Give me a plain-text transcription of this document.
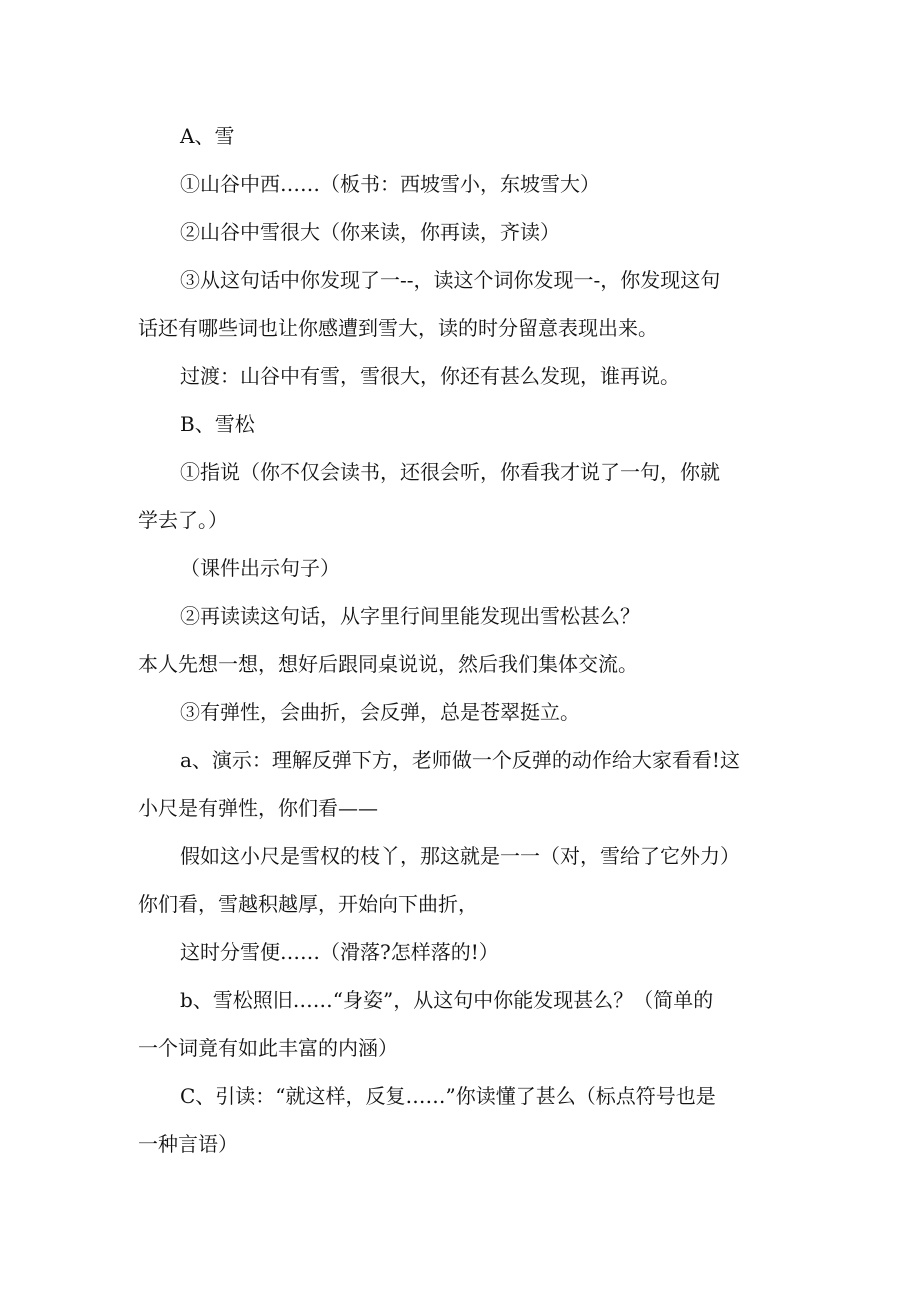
A、雪

①山谷中西……（板书：西坡雪小，东坡雪大）

②山谷中雪很大（你来读，你再读，齐读）

③从这句话中你发现了一--，读这个词你发现一-，你发现这句

话还有哪些词也让你感遭到雪大，读的时分留意表现出来。

过渡：山谷中有雪，雪很大，你还有甚么发现，谁再说。

B、雪松

①指说（你不仅会读书，还很会听，你看我才说了一句，你就

学去了。）

（课件出示句子）

②再读读这句话，从字里行间里能发现出雪松甚么？

本人先想一想，想好后跟同桌说说，然后我们集体交流。

③有弹性，会曲折，会反弹，总是苍翠挺立。

a、演示：理解反弹下方，老师做一个反弹的动作给大家看看!这

小尺是有弹性，你们看——

假如这小尺是雪权的枝丫，那这就是一一（对，雪给了它外力）

你们看，雪越积越厚，开始向下曲折，

这时分雪便……（滑落?怎样落的!）

b、雪松照旧……“身姿”，从这句中你能发现甚么？（简单的

一个词竟有如此丰富的内涵）

C、引读：“就这样，反复……”你读懂了甚么（标点符号也是

一种言语）
